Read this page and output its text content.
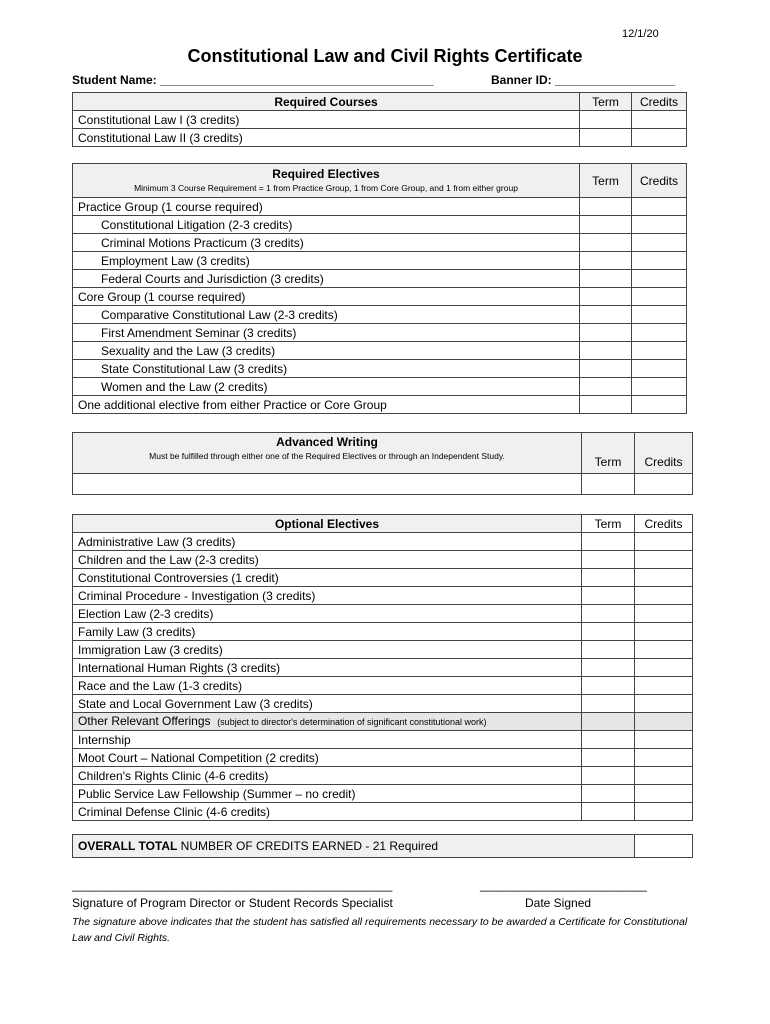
12/1/20
Constitutional Law and Civil Rights Certificate
Student Name: _________________________________________	Banner ID: __________________
Required Courses	Term	Credits
Constitutional Law I (3 credits)		
Constitutional Law II (3 credits)		
Required Electives
Minimum 3 Course Requirement = 1 from Practice Group, 1 from Core Group, and 1 from either group	Term	Credits
Practice Group (1 course required)		
Constitutional Litigation (2-3 credits)		
Criminal Motions Practicum (3 credits)		
Employment Law (3 credits)		
Federal Courts and Jurisdiction (3 credits)		
Core Group (1 course required)		
Comparative Constitutional Law (2-3 credits)		
First Amendment Seminar (3 credits)		
Sexuality and the Law (3 credits)		
State Constitutional Law (3 credits)		
Women and the Law (2 credits)		
One additional elective from either Practice or Core Group		
Advanced Writing
Must be fulfilled through either one of the Required Electives or through an Independent Study.	Term	Credits

Optional Electives	Term	Credits
Administrative Law (3 credits)		
Children and the Law (2-3 credits)		
Constitutional Controversies (1 credit)		
Criminal Procedure - Investigation (3 credits)		
Election Law (2-3 credits)		
Family Law (3 credits)		
Immigration Law (3 credits)		
International Human Rights (3 credits)		
Race and the Law (1-3 credits)		
State and Local Government Law (3 credits)		
Other Relevant Offerings (subject to director's determination of significant constitutional work)		
Internship		
Moot Court – National Competition (2 credits)		
Children's Rights Clinic (4-6 credits)		
Public Service Law Fellowship (Summer – no credit)		
Criminal Defense Clinic (4-6 credits)		
OVERALL TOTAL NUMBER OF CREDITS EARNED - 21 Required	
________________________________________________
Signature of Program Director or Student Records Specialist
_________________________
Date Signed
The signature above indicates that the student has satisfied all requirements necessary to be awarded a Certificate for Constitutional Law and Civil Rights.
